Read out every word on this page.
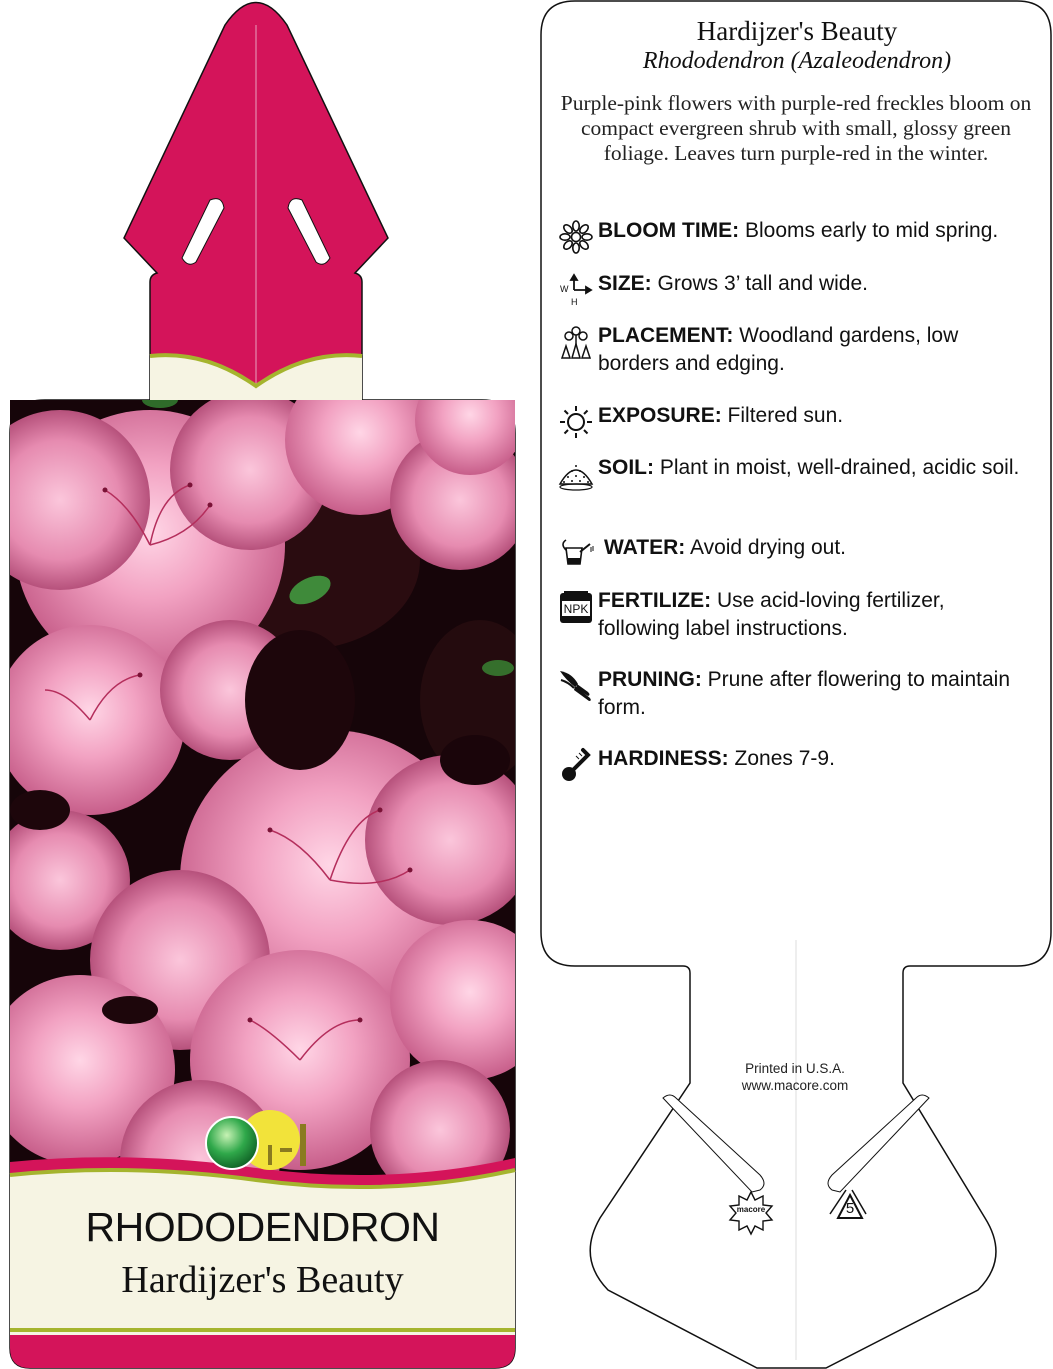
RHODODENDRON
Hardijzer's Beauty
macore	5
Hardijzer's Beauty
Rhododendron (Azaleodendron)
Purple-pink flowers with purple-red freckles bloom on compact evergreen shrub with small, glossy green foliage. Leaves turn purple-red in the winter.
BLOOM TIME: Blooms early to mid spring.
W
H
SIZE: Grows 3’ tall and wide.
PLACEMENT: Woodland gardens, low borders and edging.
EXPOSURE: Filtered sun.
SOIL: Plant in moist, well-drained, acidic soil.
WATER: Avoid drying out.
NPK FERTILIZE: Use acid-loving fertilizer, following label instructions.
PRUNING: Prune after flowering to maintain form.
HARDINESS: Zones 7-9.
Printed in U.S.A.
www.macore.com
